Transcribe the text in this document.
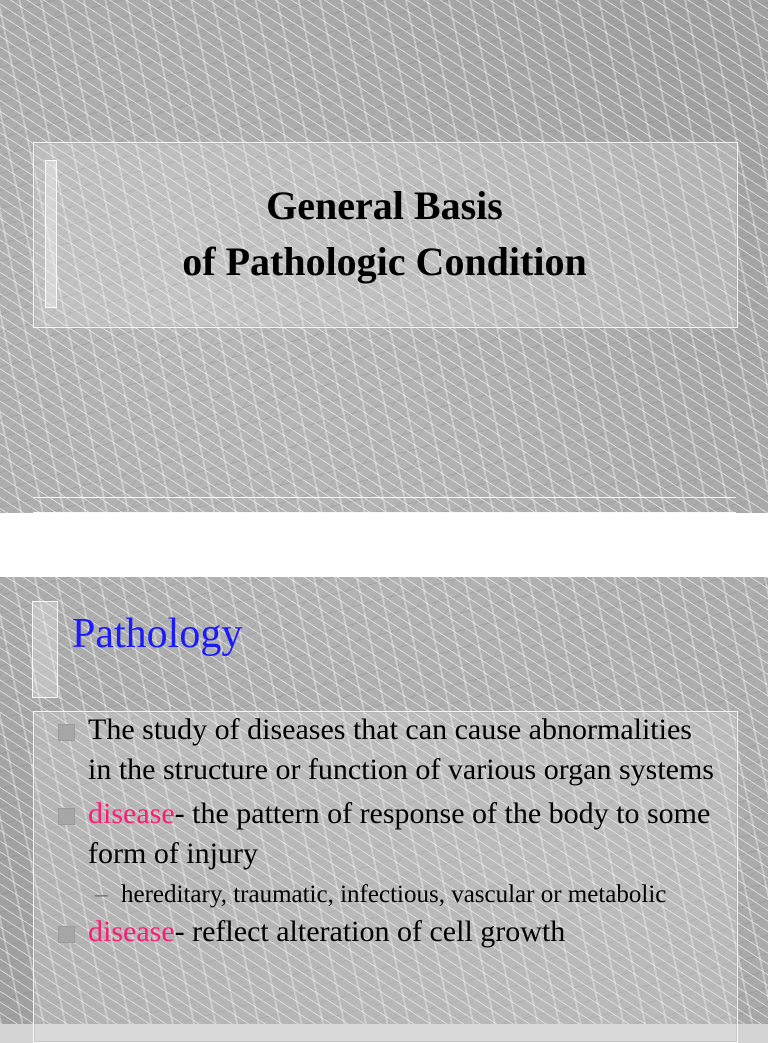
General Basis
of Pathologic Condition
Pathology
The study of diseases that can cause abnormalities in the structure or function of various organ systems
disease- the pattern of response of the body to some form of injury
– hereditary, traumatic, infectious, vascular or metabolic
disease- reflect alteration of cell growth
